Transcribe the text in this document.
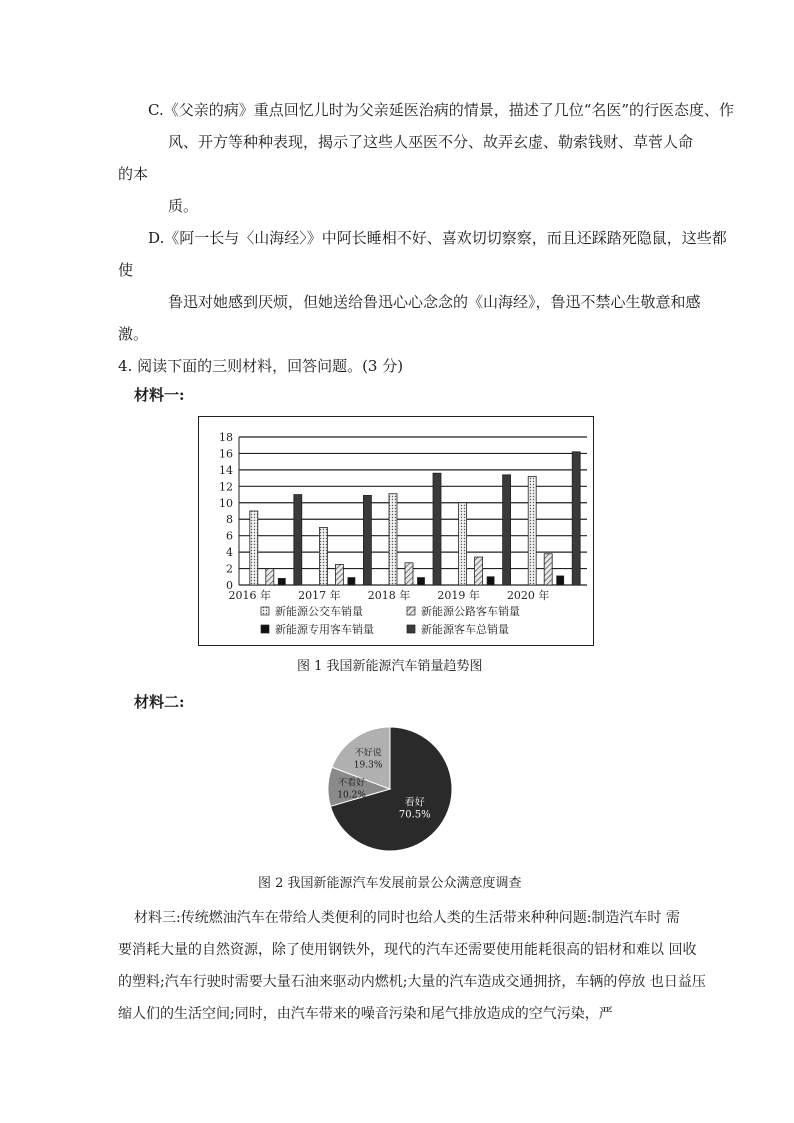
C.《父亲的病》重点回忆儿时为父亲延医治病的情景，描述了几位“名医”的行医态度、作
风、开方等种种表现，揭示了这些人巫医不分、故弄玄虚、勒索钱财、草菅人命
的本
质。
D.《阿一长与〈山海经〉》中阿长睡相不好、喜欢切切察察，而且还踩踏死隐鼠，这些都
使
鲁迅对她感到厌烦，但她送给鲁迅心心念念的《山海经》，鲁迅不禁心生敬意和感
激。
4. 阅读下面的三则材料，回答问题。(3 分)
材料一:
0
2
4
6
8
10
12
14
16
18
2016 年 2017 年 2018 年 2019 年 2020 年
新能源公交车销量	新能源公路客车销量
新能源专用客车销量	新能源客车总销量
图 1 我国新能源汽车销量趋势图
材料二:
看好
70.5%
不看好
10.2%
不好说
19.3%
图 2 我国新能源汽车发展前景公众满意度调查
材料三:传统燃油汽车在带给人类便利的同时也给人类的生活带来种种问题:制造汽车时 需
要消耗大量的自然资源，除了使用钢铁外，现代的汽车还需要使用能耗很高的铝材和难以 回收
的塑料;汽车行驶时需要大量石油来驱动内燃机;大量的汽车造成交通拥挤，车辆的停放 也日益压
缩人们的生活空间;同时，由汽车带来的噪音污染和尾气排放造成的空气污染，严
